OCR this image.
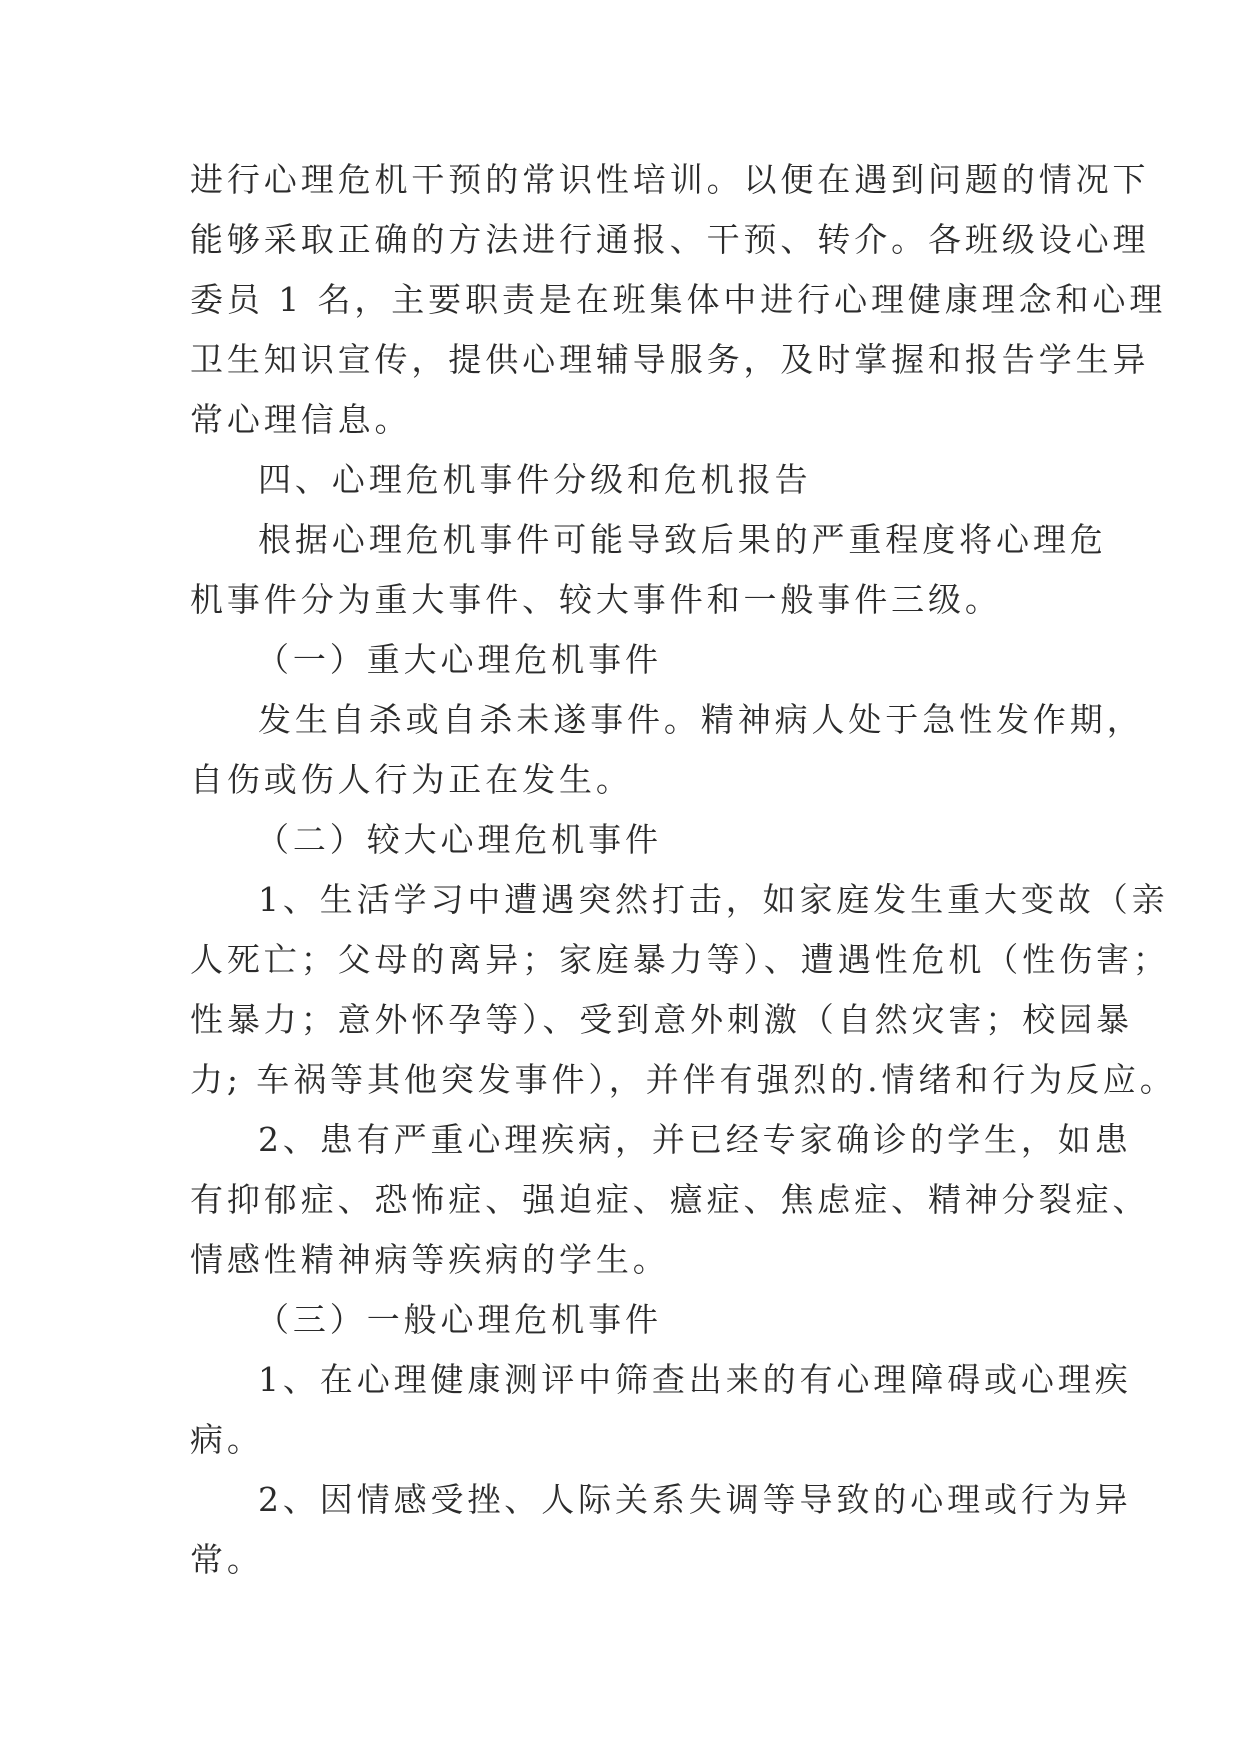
进行心理危机干预的常识性培训。以便在遇到问题的情况下
能够采取正确的方法进行通报、干预、转介。各班级设心理
委员 1 名，主要职责是在班集体中进行心理健康理念和心理
卫生知识宣传，提供心理辅导服务，及时掌握和报告学生异
常心理信息。
四、心理危机事件分级和危机报告
根据心理危机事件可能导致后果的严重程度将心理危
机事件分为重大事件、较大事件和一般事件三级。
（一）重大心理危机事件
发生自杀或自杀未遂事件。精神病人处于急性发作期，
自伤或伤人行为正在发生。
（二）较大心理危机事件
1、生活学习中遭遇突然打击，如家庭发生重大变故（亲
人死亡；父母的离异；家庭暴力等）、遭遇性危机（性伤害；
性暴力；意外怀孕等）、受到意外刺激（自然灾害；校园暴
力; 车祸等其他突发事件），并伴有强烈的.情绪和行为反应。
2、患有严重心理疾病，并已经专家确诊的学生，如患
有抑郁症、恐怖症、强迫症、癔症、焦虑症、精神分裂症、
情感性精神病等疾病的学生。
（三）一般心理危机事件
1、在心理健康测评中筛查出来的有心理障碍或心理疾
病。
2、因情感受挫、人际关系失调等导致的心理或行为异
常。
